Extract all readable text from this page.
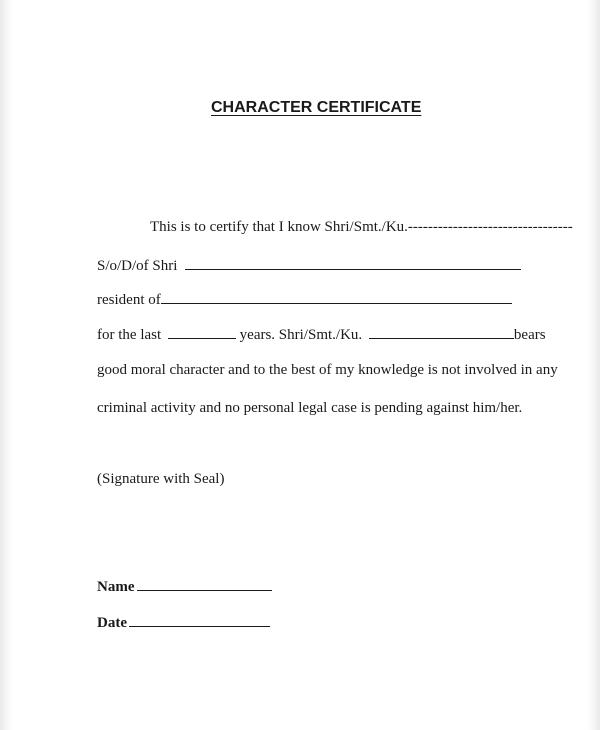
CHARACTER CERTIFICATE
This is to certify that I know Shri/Smt./Ku.---------------------------------
S/o/D/of Shri
resident of
for the last	years. Shri/Smt./Ku.	bears
good moral character and to the best of my knowledge is not involved in any
criminal activity and no personal legal case is pending against him/her.
(Signature with Seal)
Name
Date
